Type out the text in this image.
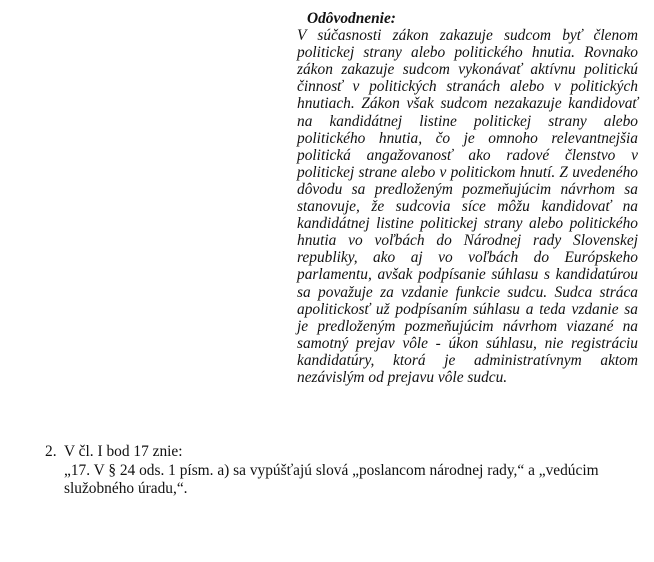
Odôvodnenie:

V súčasnosti zákon zakazuje sudcom byť členom politickej strany alebo politického hnutia. Rovnako zákon zakazuje sudcom vykonávať aktívnu politickú činnosť v politických stranách alebo v politických hnutiach. Zákon však sudcom nezakazuje kandidovať na kandidátnej listine politickej strany alebo politického hnutia, čo je omnoho relevantnejšia politická angažovanosť ako radové členstvo v politickej strane alebo v politickom hnutí. Z uvedeného dôvodu sa predloženým pozmeňujúcim návrhom sa stanovuje, že sudcovia síce môžu kandidovať na kandidátnej listine politickej strany alebo politického hnutia vo voľbách do Národnej rady Slovenskej republiky, ako aj vo voľbách do Európskeho parlamentu, avšak podpísanie súhlasu s kandidatúrou sa považuje za vzdanie funkcie sudcu. Sudca stráca apolitickosť už podpísaním súhlasu a teda vzdanie sa je predloženým pozmeňujúcim návrhom viazané na samotný prejav vôle - úkon súhlasu, nie registráciu kandidatúry, ktorá je administratívnym aktom nezávislým od prejavu vôle sudcu.

2. V čl. I bod 17 znie:

„17. V § 24 ods. 1 písm. a) sa vypúšťajú slová „poslancom národnej rady,“ a „vedúcim služobného úradu,“.
